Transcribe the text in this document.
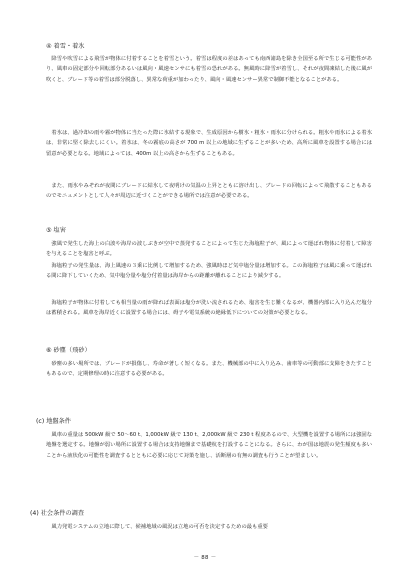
④ 着雪・着氷

降雪や吹雪による飛雪が物体に付着することを着雪という。着雪は程度の差はあっても南西諸島を除き全国至る所で生じる可能性があり、風車の固定部分や回転部分あるいは風向・風速センサにも着雪の恐れがある。無風時に降雪が着雪し、それが夜間凍結した後に風が吹くと、ブレード等の着雪は部分脱落し、異常な荷重が加わったり、風向・風速センサー異常で制御不能となることがある。

着氷は、過冷却の雨や霧が物体に当たった際に氷結する現象で、生成原因から樹氷・粗氷・雨氷に分けられる。粗氷や雨氷による着氷は、非常に堅く除去しにくい。着氷は、冬の霧底の高さが 700 m 以上の地域に生ずることが多いため、高所に風車を設置する場合には留意が必要となる。地域によっては、400m 以上の高さから生ずることもある。

また、雨氷やみぞれが夜間にブレードに結氷して夜明けの気温の上昇とともに溶け出し、ブレードの回転によって飛散することもあるのでモニュメントとして人々が周辺に近づくことができる場所では注意が必要である。

⑤ 塩害

強風で発生した海上の白波や海岸の波しぶきが空中で蒸発することによって生じた海塩粒子が、風によって運ばれ物体に付着して障害を与えることを塩害と呼ぶ。

海塩粒子の発生量は、海上風速の３乗に比例して増加するため、強風時ほど気中塩分量は増加する。この海塩粒子は風に乗って運ばれる間に降下していくため、気中塩分量や塩分付着量は海岸からの距離が離れることにより減少する。

海塩粒子が物体に付着しても相当量の雨が降れば表面は塩分が洗い流されるため、塩害を生じ難くなるが、機器内部に入り込んだ塩分は蓄積される。風車を海岸近くに設置する場合には、碍子や電気系統の絶縁低下についての対策が必要となる。

⑥ 砂塵（飛砂）

砂塵の多い場所では、ブレードが損傷し、寿命が著しく短くなる。また、機械部の中に入り込み、歯車等の可動部に支障をきたすこともあるので、定期修理の時に注意する必要がある。

(c) 地盤条件

風車の重量は 500kW 級で 50～60 t、1,000kW 級で 130 t、2,000kW 級で 230 t 程度あるので、大型機を設置する場所には強固な地盤を選定する。地盤が弱い場所に設置する場合は支持地盤まで基礎杭を打設することになる。さらに、わが国は地震の発生頻度も多いことから液状化の可能性を調査するとともに必要に応じて対策を施し、活断層の有無の調査も行うことが望ましい。

(4) 社会条件の調査

風力発電システムの立地に際して、候補地域の風況は立地の可否を決定するための最も重要

－ 88 －
